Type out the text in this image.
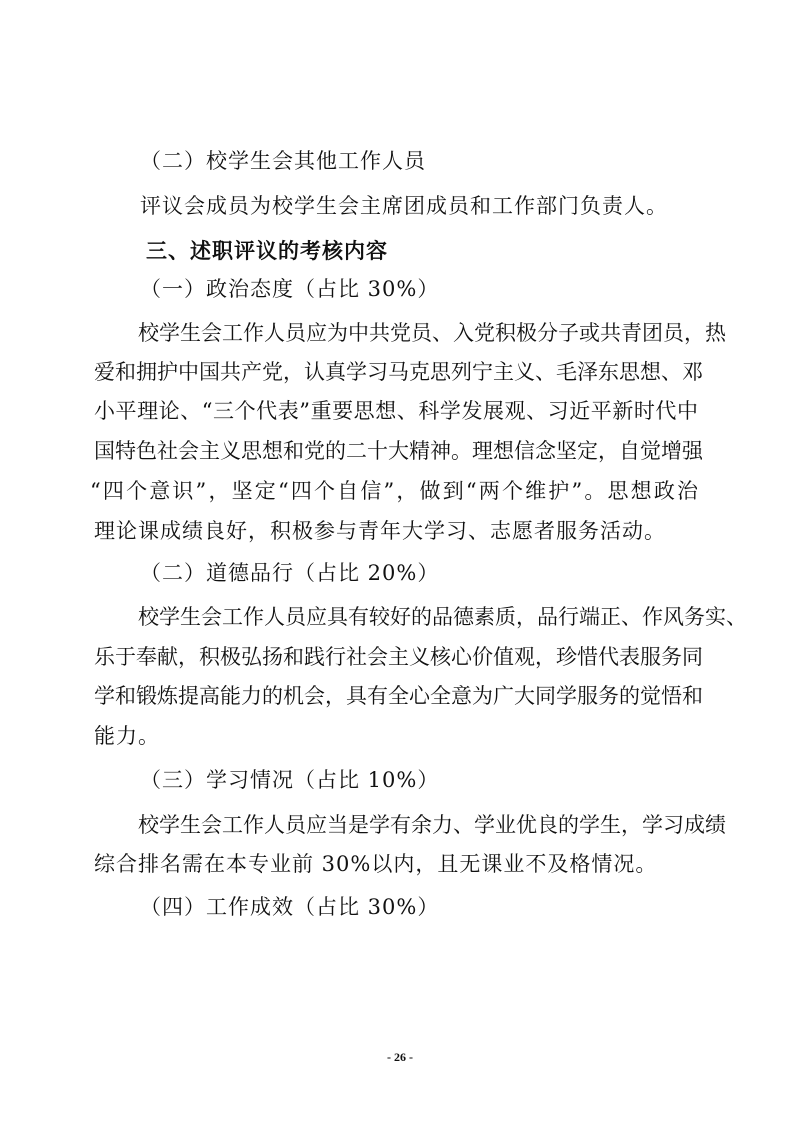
（二）校学生会其他工作人员
评议会成员为校学生会主席团成员和工作部门负责人。
三、述职评议的考核内容
（一）政治态度（占比 30%）
校学生会工作人员应为中共党员、入党积极分子或共青团员，热
爱和拥护中国共产党，认真学习马克思列宁主义、毛泽东思想、邓
小平理论、“三个代表”重要思想、科学发展观、习近平新时代中
国特色社会主义思想和党的二十大精神。理想信念坚定，自觉增强
“四个意识”，坚定“四个自信”，做到“两个维护”。思想政治
理论课成绩良好，积极参与青年大学习、志愿者服务活动。
（二）道德品行（占比 20%）
校学生会工作人员应具有较好的品德素质，品行端正、作风务实、
乐于奉献，积极弘扬和践行社会主义核心价值观，珍惜代表服务同
学和锻炼提高能力的机会，具有全心全意为广大同学服务的觉悟和
能力。
（三）学习情况（占比 10%）
校学生会工作人员应当是学有余力、学业优良的学生，学习成绩
综合排名需在本专业前 30%以内，且无课业不及格情况。
（四）工作成效（占比 30%）
- 26 -
